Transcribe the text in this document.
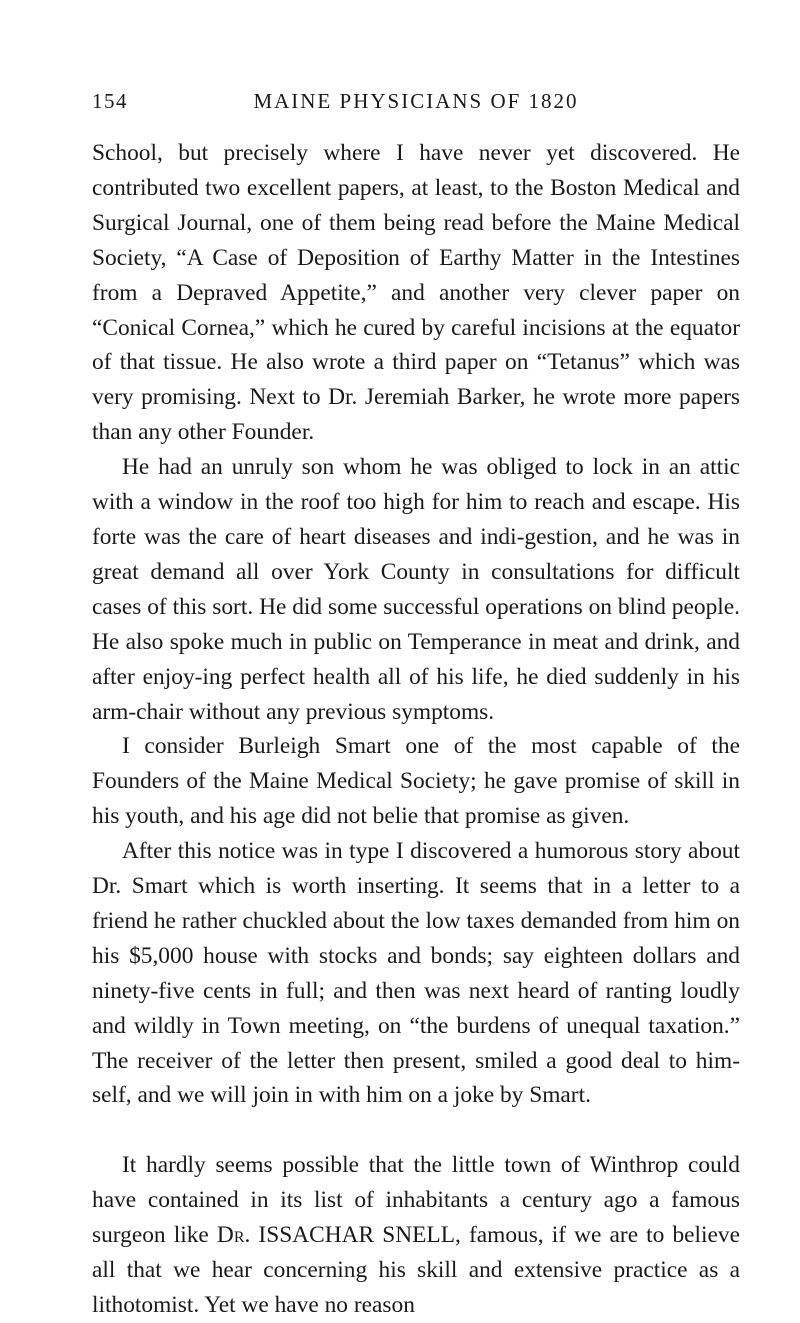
154	MAINE PHYSICIANS OF 1820

School, but precisely where I have never yet discovered. He contributed two excellent papers, at least, to the Boston Medical and Surgical Journal, one of them being read before the Maine Medical Society, “A Case of Deposition of Earthy Matter in the Intestines from a Depraved Appetite,” and another very clever paper on “Conical Cornea,” which he cured by careful incisions at the equator of that tissue. He also wrote a third paper on “Tetanus” which was very promising. Next to Dr. Jeremiah Barker, he wrote more papers than any other Founder.

He had an unruly son whom he was obliged to lock in an attic with a window in the roof too high for him to reach and escape. His forte was the care of heart diseases and indi-gestion, and he was in great demand all over York County in consultations for difficult cases of this sort. He did some successful operations on blind people. He also spoke much in public on Temperance in meat and drink, and after enjoy-ing perfect health all of his life, he died suddenly in his arm-chair without any previous symptoms.

I consider Burleigh Smart one of the most capable of the Founders of the Maine Medical Society; he gave promise of skill in his youth, and his age did not belie that promise as given.

After this notice was in type I discovered a humorous story about Dr. Smart which is worth inserting. It seems that in a letter to a friend he rather chuckled about the low taxes demanded from him on his $5,000 house with stocks and bonds; say eighteen dollars and ninety-five cents in full; and then was next heard of ranting loudly and wildly in Town meeting, on “the burdens of unequal taxation.” The receiver of the letter then present, smiled a good deal to him-self, and we will join in with him on a joke by Smart.

It hardly seems possible that the little town of Winthrop could have contained in its list of inhabitants a century ago a famous surgeon like Dr. ISSACHAR SNELL, famous, if we are to believe all that we hear concerning his skill and extensive practice as a lithotomist. Yet we have no reason
